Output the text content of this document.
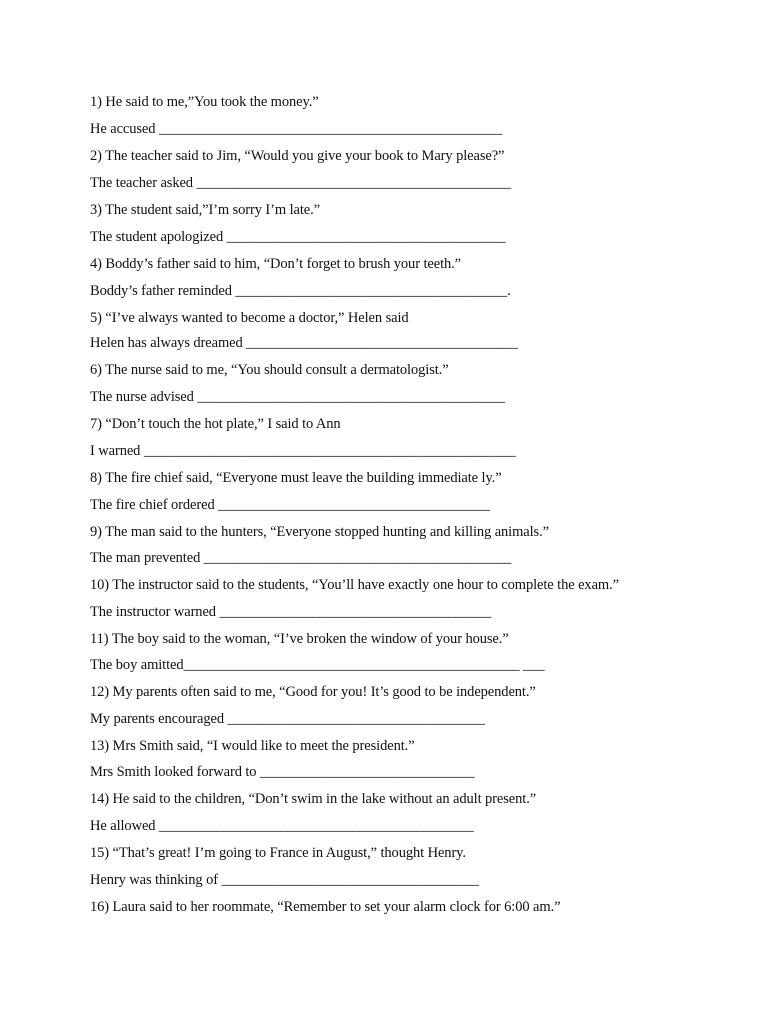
1) He said to me,”You took the money.”
He accused ________________________________________________
2) The teacher said to Jim, “Would you give your book to Mary please?”
The teacher asked ____________________________________________
3) The student said,”I’m sorry I’m late.”
The student apologized _______________________________________
4) Boddy’s father said to him, “Don’t forget to brush your teeth.”
Boddy’s father reminded ______________________________________.
5) “I’ve always wanted to become a doctor,” Helen said
Helen has always dreamed ______________________________________
6) The nurse said to me, “You should consult a dermatologist.”
The nurse advised ___________________________________________
7) “Don’t touch the hot plate,” I said to Ann
I warned ____________________________________________________
8) The fire chief said, “Everyone must leave the building immediate ly.”
The fire chief ordered ______________________________________
9) The man said to the hunters, “Everyone stopped hunting and killing animals.”
The man prevented ___________________________________________
10) The instructor said to the students, “You’ll have exactly one hour to complete the exam.”
The instructor warned ______________________________________
11) The boy said to the woman, “I’ve broken the window of your house.”
The boy amitted_______________________________________________ ___
12) My parents often said to me, “Good for you! It’s good to be independent.”
My parents encouraged ____________________________________
13) Mrs Smith said, “I would like to meet the president.”
Mrs Smith looked forward to ______________________________
14) He said to the children, “Don’t swim in the lake without an adult present.”
He allowed ____________________________________________
15) “That’s great! I’m going to France in August,” thought Henry.
Henry was thinking of ____________________________________
16) Laura said to her roommate, “Remember to set your alarm clock for 6:00 am.”
